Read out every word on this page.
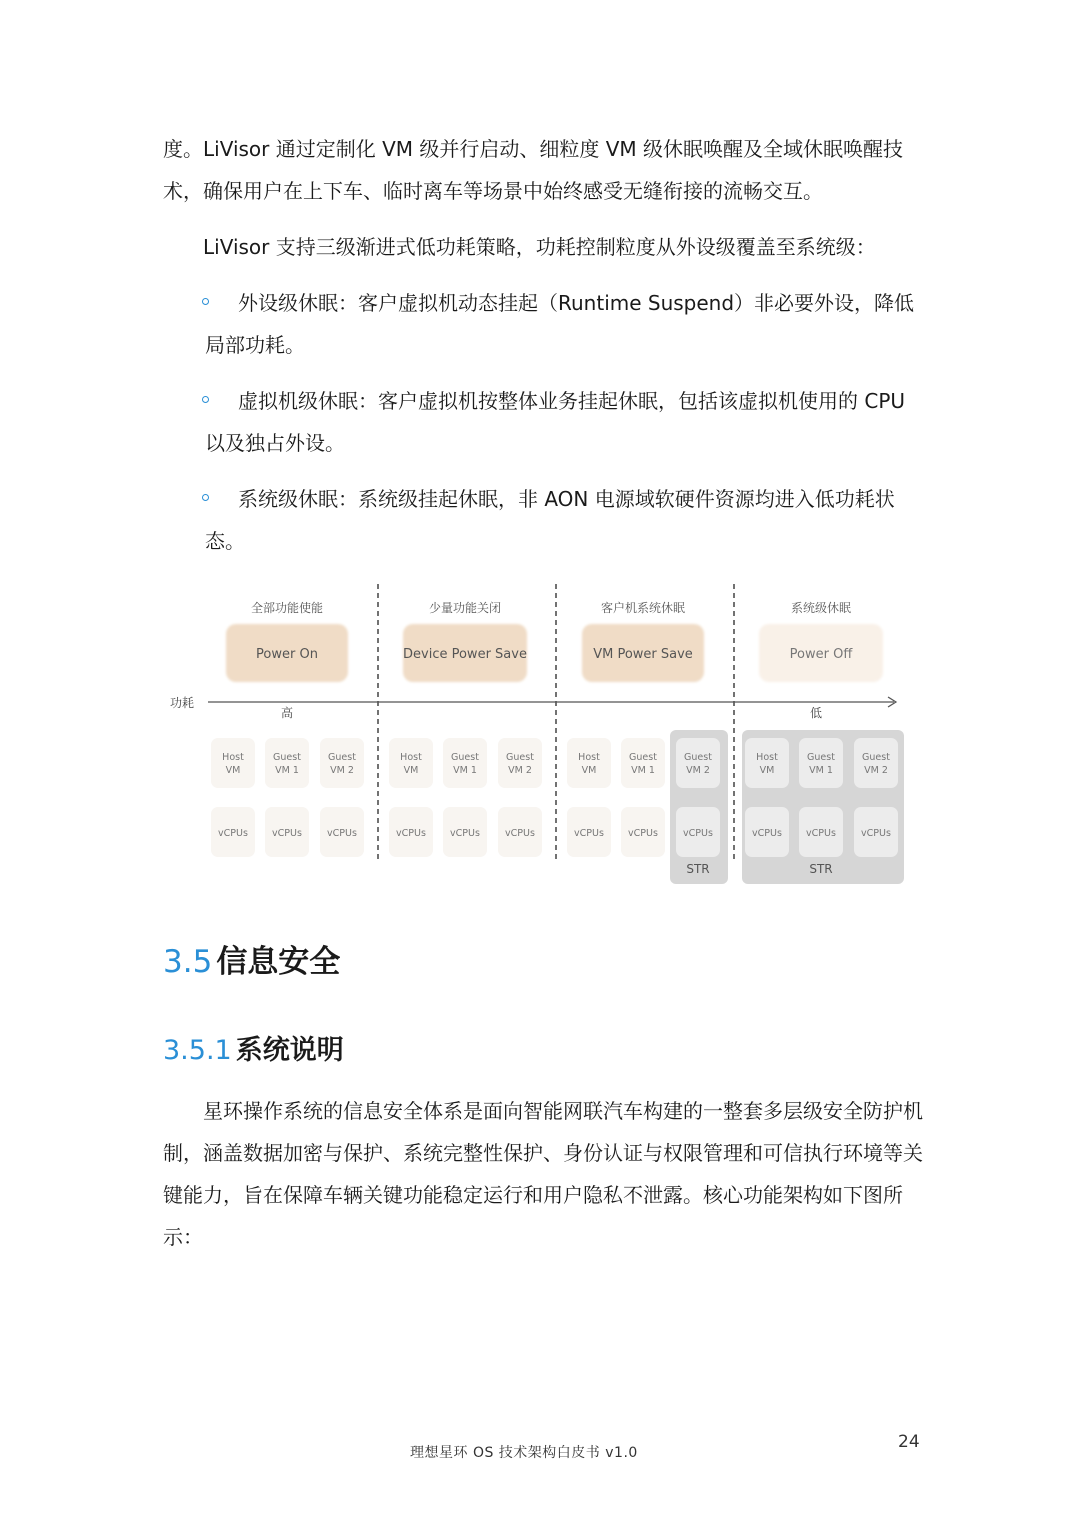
度。LiVisor 通过定制化 VM 级并行启动、细粒度 VM 级休眠唤醒及全域休眠唤醒技术，确保用户在上下车、临时离车等场景中始终感受无缝衔接的流畅交互。

LiVisor 支持三级渐进式低功耗策略，功耗控制粒度从外设级覆盖至系统级：

外设级休眠：客户虚拟机动态挂起（Runtime Suspend）非必要外设，降低局部功耗。
虚拟机级休眠：客户虚拟机按整体业务挂起休眠，包括该虚拟机使用的 CPU 以及独占外设。
系统级休眠：系统级挂起休眠，非 AON 电源域软硬件资源均进入低功耗状态。
STR	STR
全部功能使能	少量功能关闭	客户机系统休眠	系统级休眠
Power On	Device Power Save	VM Power Save	Power Off
功耗
高	低
Host
VM
vCPUs
Guest
VM 1
vCPUs
Guest
VM 2
vCPUs
Host
VM
vCPUs
Guest
VM 1
vCPUs
Guest
VM 2
vCPUs
Host
VM
vCPUs
Guest
VM 1
vCPUs
Guest
VM 2
vCPUs
Host
VM
vCPUs
Guest
VM 1
vCPUs
Guest
VM 2
vCPUs
3.5 信息安全
3.5.1 系统说明

星环操作系统的信息安全体系是面向智能网联汽车构建的一整套多层级安全防护机制，涵盖数据加密与保护、系统完整性保护、身份认证与权限管理和可信执行环境等关键能力，旨在保障车辆关键功能稳定运行和用户隐私不泄露。核心功能架构如下图所示：

理想星环 OS 技术架构白皮书 v1.0
24
